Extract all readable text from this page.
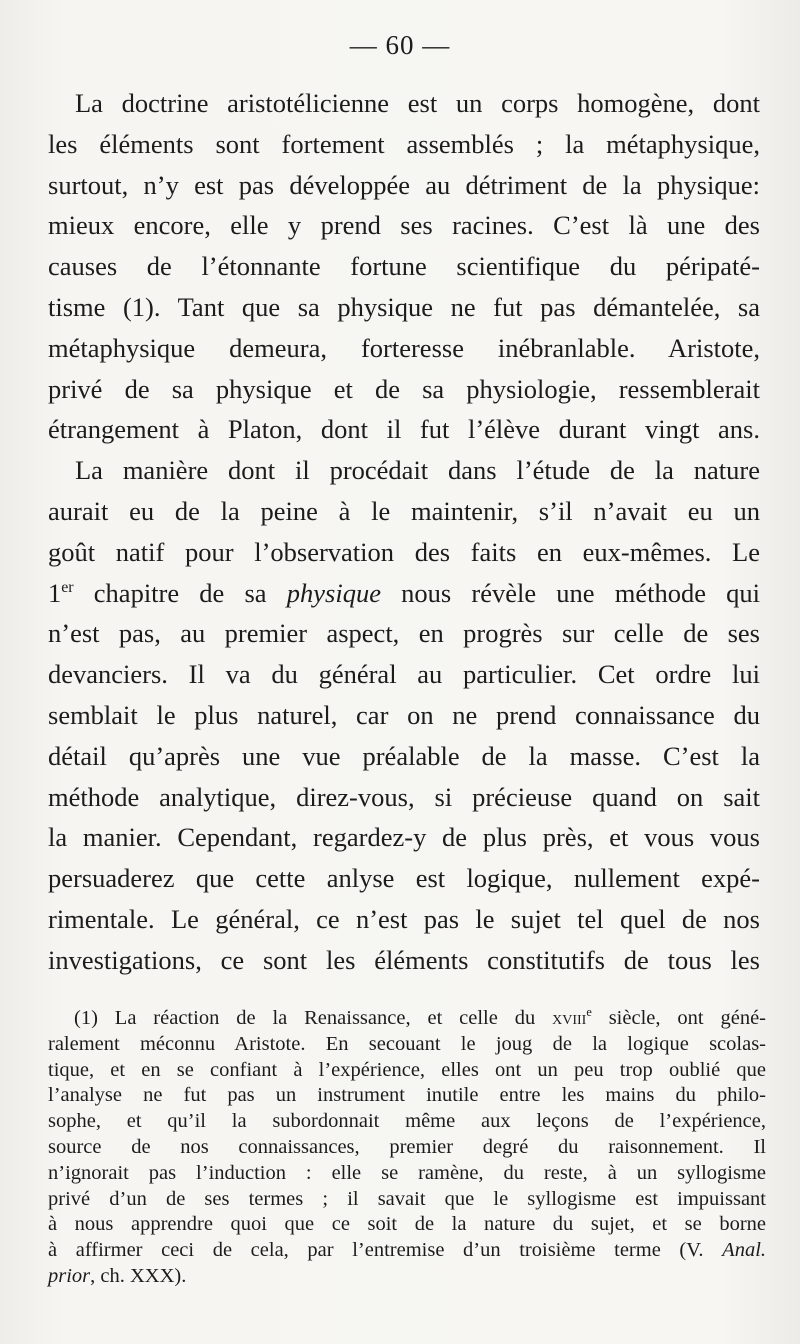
— 60 —
La doctrine aristotélicienne est un corps homogène, dont
les éléments sont fortement assemblés ; la métaphysique,
surtout, n’y est pas développée au détriment de la physique:
mieux encore, elle y prend ses racines. C’est là une des
causes de l’étonnante fortune scientifique du péripaté-
tisme (1). Tant que sa physique ne fut pas démantelée, sa
métaphysique demeura, forteresse inébranlable. Aristote,
privé de sa physique et de sa physiologie, ressemblerait
étrangement à Platon, dont il fut l’élève durant vingt ans.
La manière dont il procédait dans l’étude de la nature
aurait eu de la peine à le maintenir, s’il n’avait eu un
goût natif pour l’observation des faits en eux-mêmes. Le
1er chapitre de sa physique nous révèle une méthode qui
n’est pas, au premier aspect, en progrès sur celle de ses
devanciers. Il va du général au particulier. Cet ordre lui
semblait le plus naturel, car on ne prend connaissance du
détail qu’après une vue préalable de la masse. C’est la
méthode analytique, direz-vous, si précieuse quand on sait
la manier. Cependant, regardez-y de plus près, et vous vous
persuaderez que cette anlyse est logique, nullement expé-
rimentale. Le général, ce n’est pas le sujet tel quel de nos
investigations, ce sont les éléments constitutifs de tous les
(1) La réaction de la Renaissance, et celle du xviii$^e$ siècle, ont géné-
ralement méconnu Aristote. En secouant le joug de la logique scolas-
tique, et en se confiant à l’expérience, elles ont un peu trop oublié que
l’analyse ne fut pas un instrument inutile entre les mains du philo-
sophe, et qu’il la subordonnait même aux leçons de l’expérience,
source de nos connaissances, premier degré du raisonnement. Il
n’ignorait pas l’induction : elle se ramène, du reste, à un syllogisme
privé d’un de ses termes ; il savait que le syllogisme est impuissant
à nous apprendre quoi que ce soit de la nature du sujet, et se borne
à affirmer ceci de cela, par l’entremise d’un troisième terme (V. Anal.
prior, ch. XXX).
